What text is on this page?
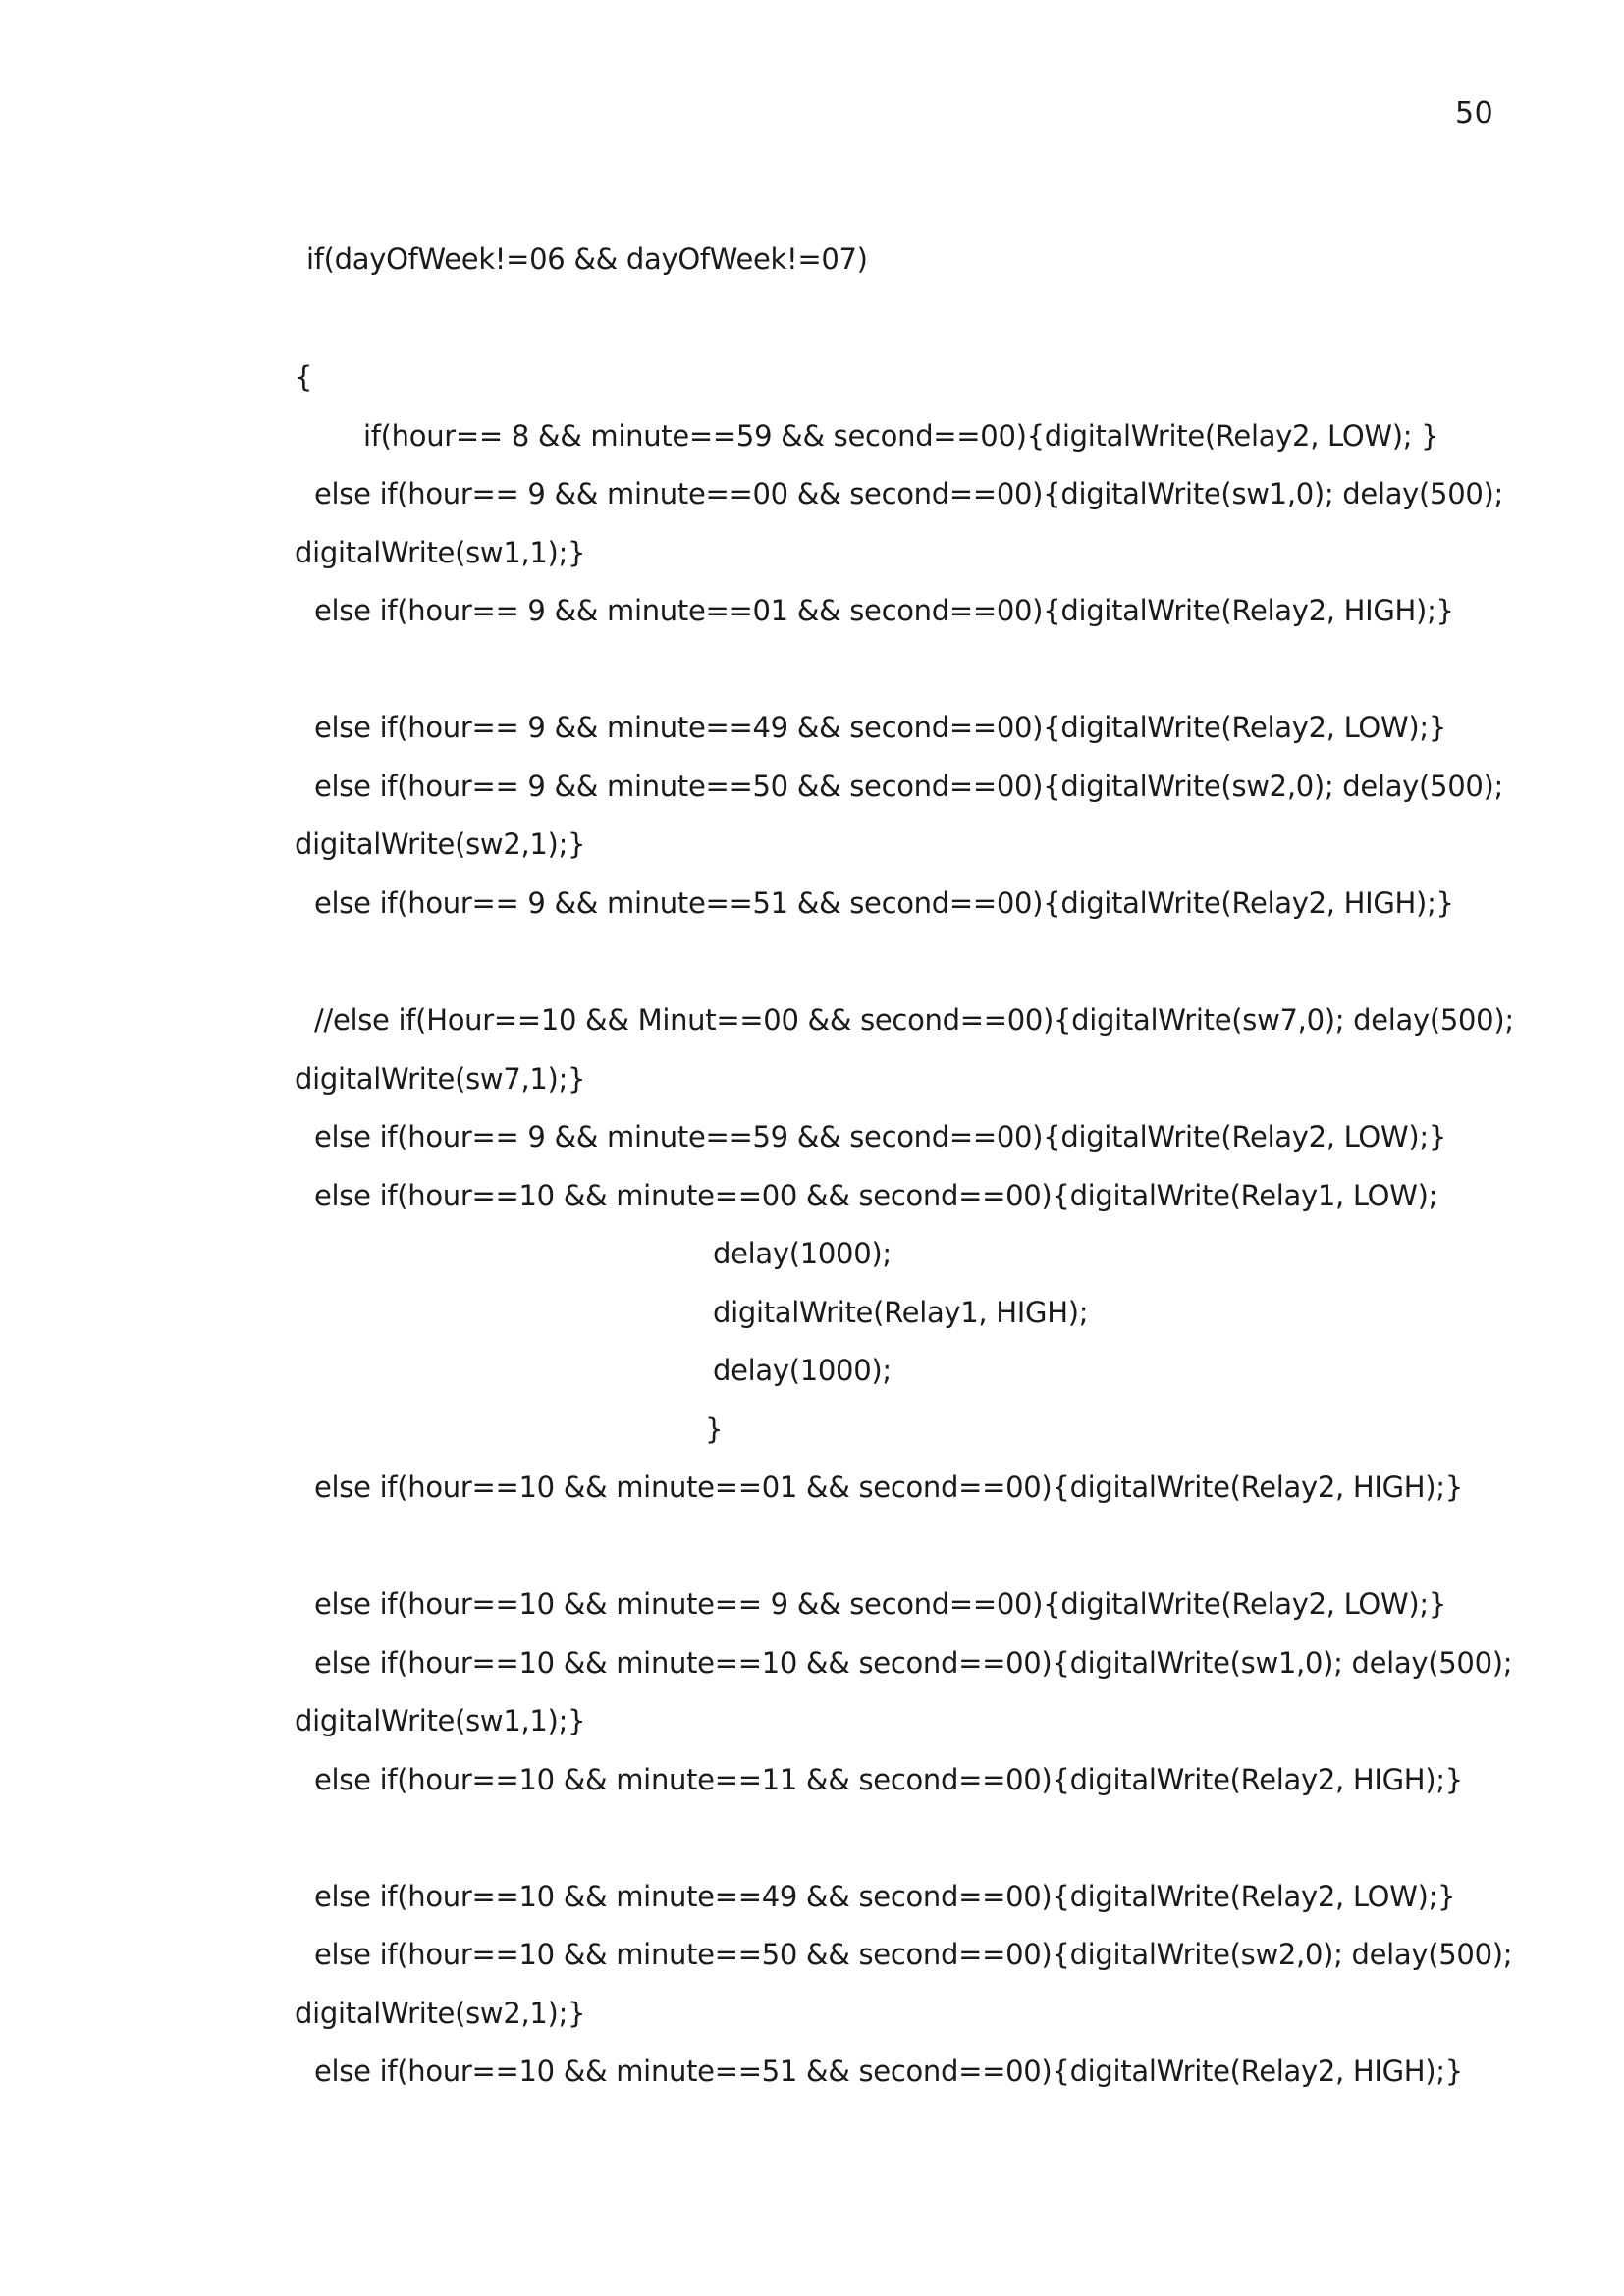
50
if(dayOfWeek!=06 && dayOfWeek!=07)
{
if(hour== 8 && minute==59 && second==00){digitalWrite(Relay2, LOW); }
else if(hour== 9 && minute==00 && second==00){digitalWrite(sw1,0); delay(500);
digitalWrite(sw1,1);}
else if(hour== 9 && minute==01 && second==00){digitalWrite(Relay2, HIGH);}
else if(hour== 9 && minute==49 && second==00){digitalWrite(Relay2, LOW);}
else if(hour== 9 && minute==50 && second==00){digitalWrite(sw2,0); delay(500);
digitalWrite(sw2,1);}
else if(hour== 9 && minute==51 && second==00){digitalWrite(Relay2, HIGH);}
//else if(Hour==10 && Minut==00 && second==00){digitalWrite(sw7,0); delay(500);
digitalWrite(sw7,1);}
else if(hour== 9 && minute==59 && second==00){digitalWrite(Relay2, LOW);}
else if(hour==10 && minute==00 && second==00){digitalWrite(Relay1, LOW);
delay(1000);
digitalWrite(Relay1, HIGH);
delay(1000);
}
else if(hour==10 && minute==01 && second==00){digitalWrite(Relay2, HIGH);}
else if(hour==10 && minute== 9 && second==00){digitalWrite(Relay2, LOW);}
else if(hour==10 && minute==10 && second==00){digitalWrite(sw1,0); delay(500);
digitalWrite(sw1,1);}
else if(hour==10 && minute==11 && second==00){digitalWrite(Relay2, HIGH);}
else if(hour==10 && minute==49 && second==00){digitalWrite(Relay2, LOW);}
else if(hour==10 && minute==50 && second==00){digitalWrite(sw2,0); delay(500);
digitalWrite(sw2,1);}
else if(hour==10 && minute==51 && second==00){digitalWrite(Relay2, HIGH);}
